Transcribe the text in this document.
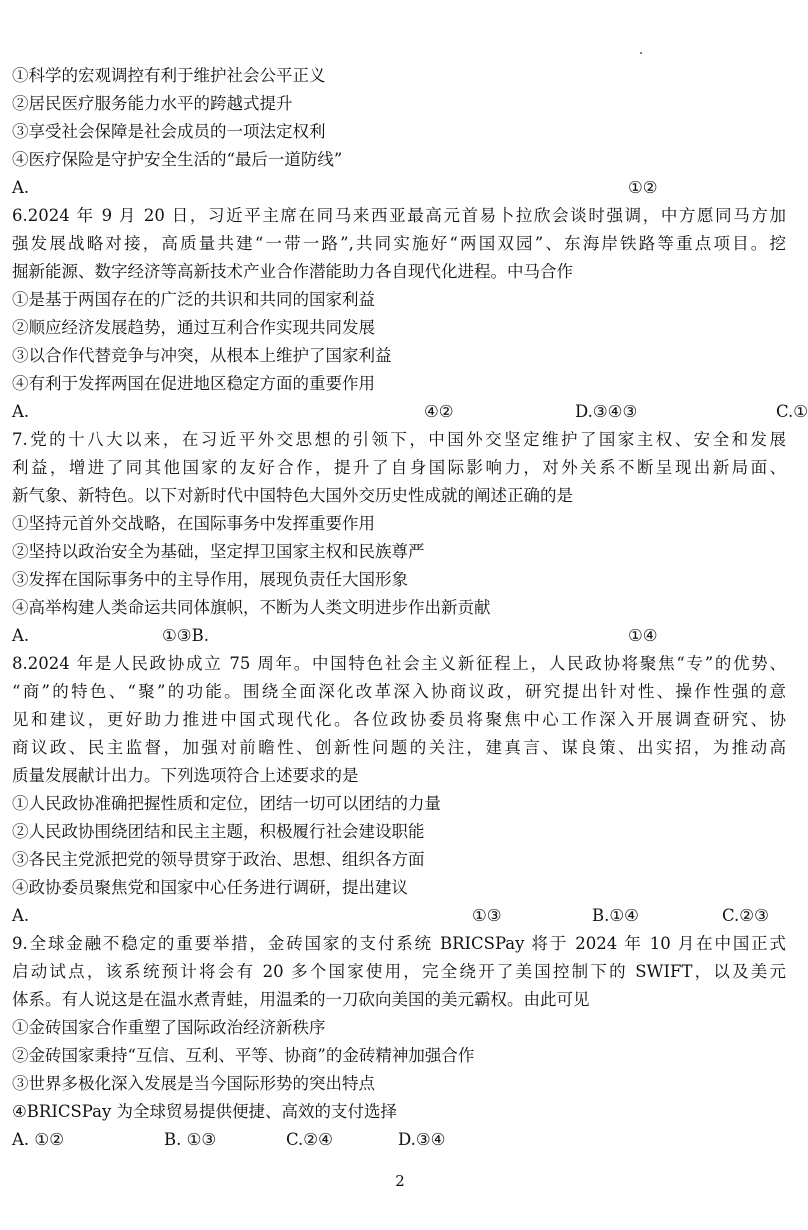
①科学的宏观调控有利于维护社会公平正义
②居民医疗服务能力水平的跨越式提升
③享受社会保障是社会成员的一项法定权利
④医疗保险是守护安全生活的“最后一道防线”
A.	①②
6.2024 年 9 月 20 日，习近平主席在同马来西亚最高元首易卜拉欣会谈时强调，中方愿同马方加
强发展战略对接，高质量共建“一带一路”,共同实施好“两国双园”、东海岸铁路等重点项目。挖
掘新能源、数字经济等高新技术产业合作潜能助力各自现代化进程。中马合作
①是基于两国存在的广泛的共识和共同的国家利益
②顺应经济发展趋势，通过互利合作实现共同发展
③以合作代替竞争与冲突，从根本上维护了国家利益
④有利于发挥两国在促进地区稳定方面的重要作用
A.	④②	D.③④③	C.①
7.党的十八大以来，在习近平外交思想的引领下，中国外交坚定维护了国家主权、安全和发展
利益，增进了同其他国家的友好合作，提升了自身国际影响力，对外关系不断呈现出新局面、
新气象、新特色。以下对新时代中国特色大国外交历史性成就的阐述正确的是
①坚持元首外交战略，在国际事务中发挥重要作用
②坚持以政治安全为基础，坚定捍卫国家主权和民族尊严
③发挥在国际事务中的主导作用，展现负责任大国形象
④高举构建人类命运共同体旗帜，不断为人类文明进步作出新贡献
A.	①③B.	①④
8.2024 年是人民政协成立 75 周年。中国特色社会主义新征程上，人民政协将聚焦“专”的优势、
“商”的特色、“聚”的功能。围绕全面深化改革深入协商议政，研究提出针对性、操作性强的意
见和建议，更好助力推进中国式现代化。各位政协委员将聚焦中心工作深入开展调查研究、协
商议政、民主监督，加强对前瞻性、创新性问题的关注，建真言、谋良策、出实招，为推动高
质量发展献计出力。下列选项符合上述要求的是
①人民政协准确把握性质和定位，团结一切可以团结的力量
②人民政协围绕团结和民主主题，积极履行社会建设职能
③各民主党派把党的领导贯穿于政治、思想、组织各方面
④政协委员聚焦党和国家中心任务进行调研，提出建议
A.	①③	B.①④	C.②③
9.全球金融不稳定的重要举措，金砖国家的支付系统 BRICSPay 将于 2024 年 10 月在中国正式
启动试点，该系统预计将会有 20 多个国家使用，完全绕开了美国控制下的 SWIFT，以及美元
体系。有人说这是在温水煮青蛙，用温柔的一刀砍向美国的美元霸权。由此可见
①金砖国家合作重塑了国际政治经济新秩序
②金砖国家秉持“互信、互利、平等、协商”的金砖精神加强合作
③世界多极化深入发展是当今国际形势的突出特点
④BRICSPay 为全球贸易提供便捷、高效的支付选择
A. ①②	B. ①③	C.②④	D.③④
2
